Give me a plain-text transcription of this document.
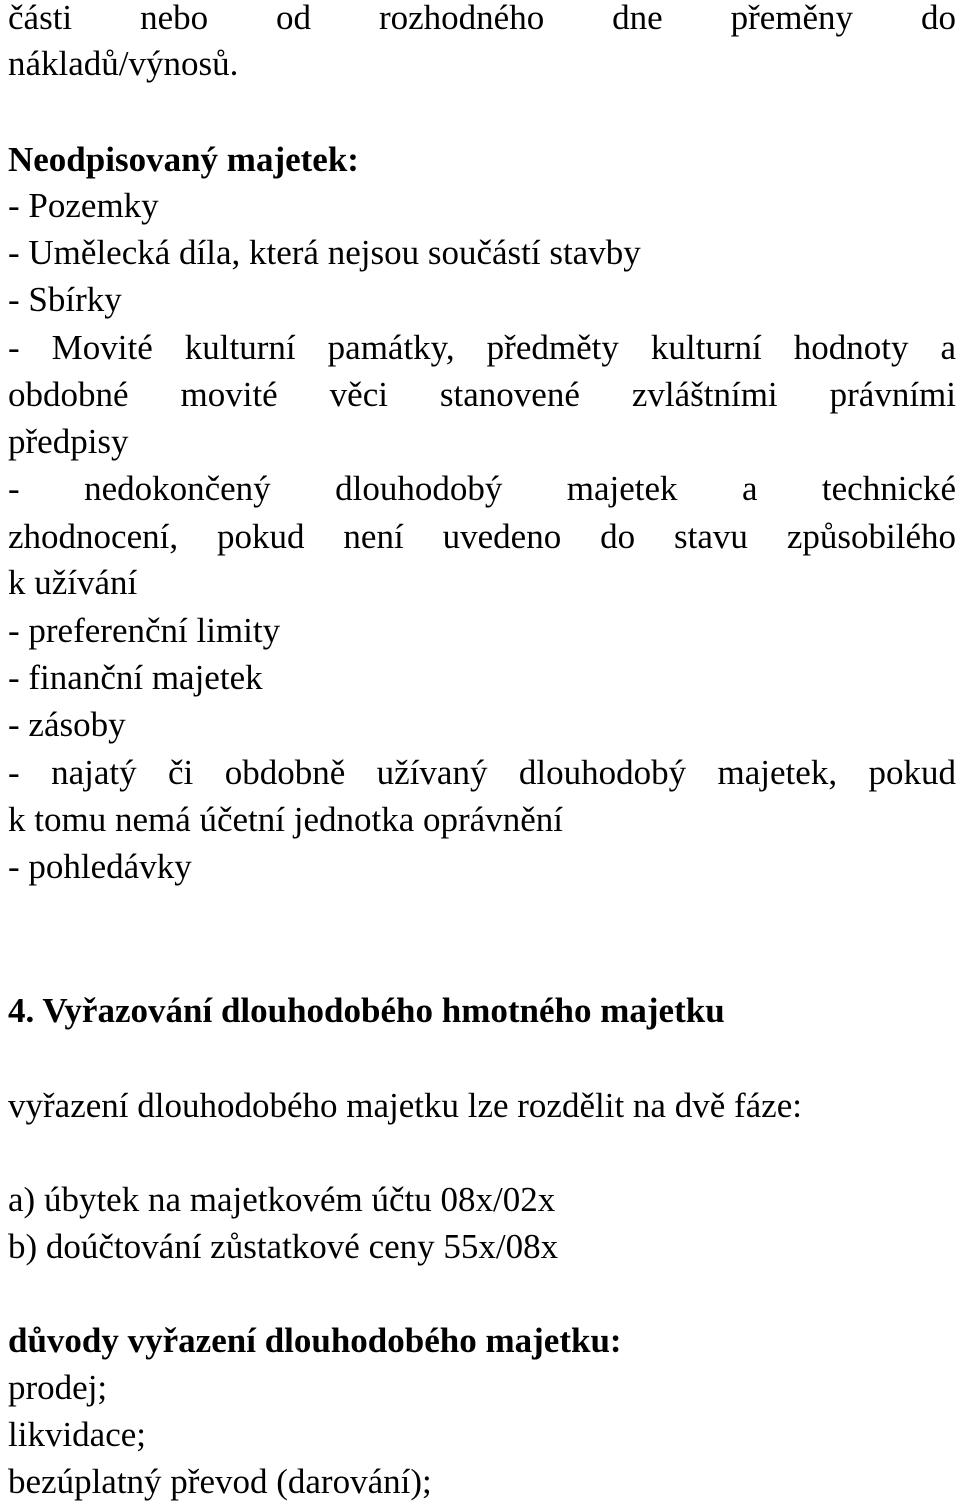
části nebo od rozhodného dne přeměny do
nákladů/výnosů.
Neodpisovaný majetek:
- Pozemky
- Umělecká díla, která nejsou součástí stavby
- Sbírky
- Movité kulturní památky, předměty kulturní hodnoty a
obdobné movité věci stanovené zvláštními právními
předpisy
- nedokončený dlouhodobý majetek a technické
zhodnocení, pokud není uvedeno do stavu způsobilého
k užívání
- preferenční limity
- finanční majetek
- zásoby
- najatý či obdobně užívaný dlouhodobý majetek, pokud
k tomu nemá účetní jednotka oprávnění
- pohledávky
4. Vyřazování dlouhodobého hmotného majetku
vyřazení dlouhodobého majetku lze rozdělit na dvě fáze:
a) úbytek na majetkovém účtu 08x/02x
b) doúčtování zůstatkové ceny 55x/08x
důvody vyřazení dlouhodobého majetku:
prodej;
likvidace;
bezúplatný převod (darování);
